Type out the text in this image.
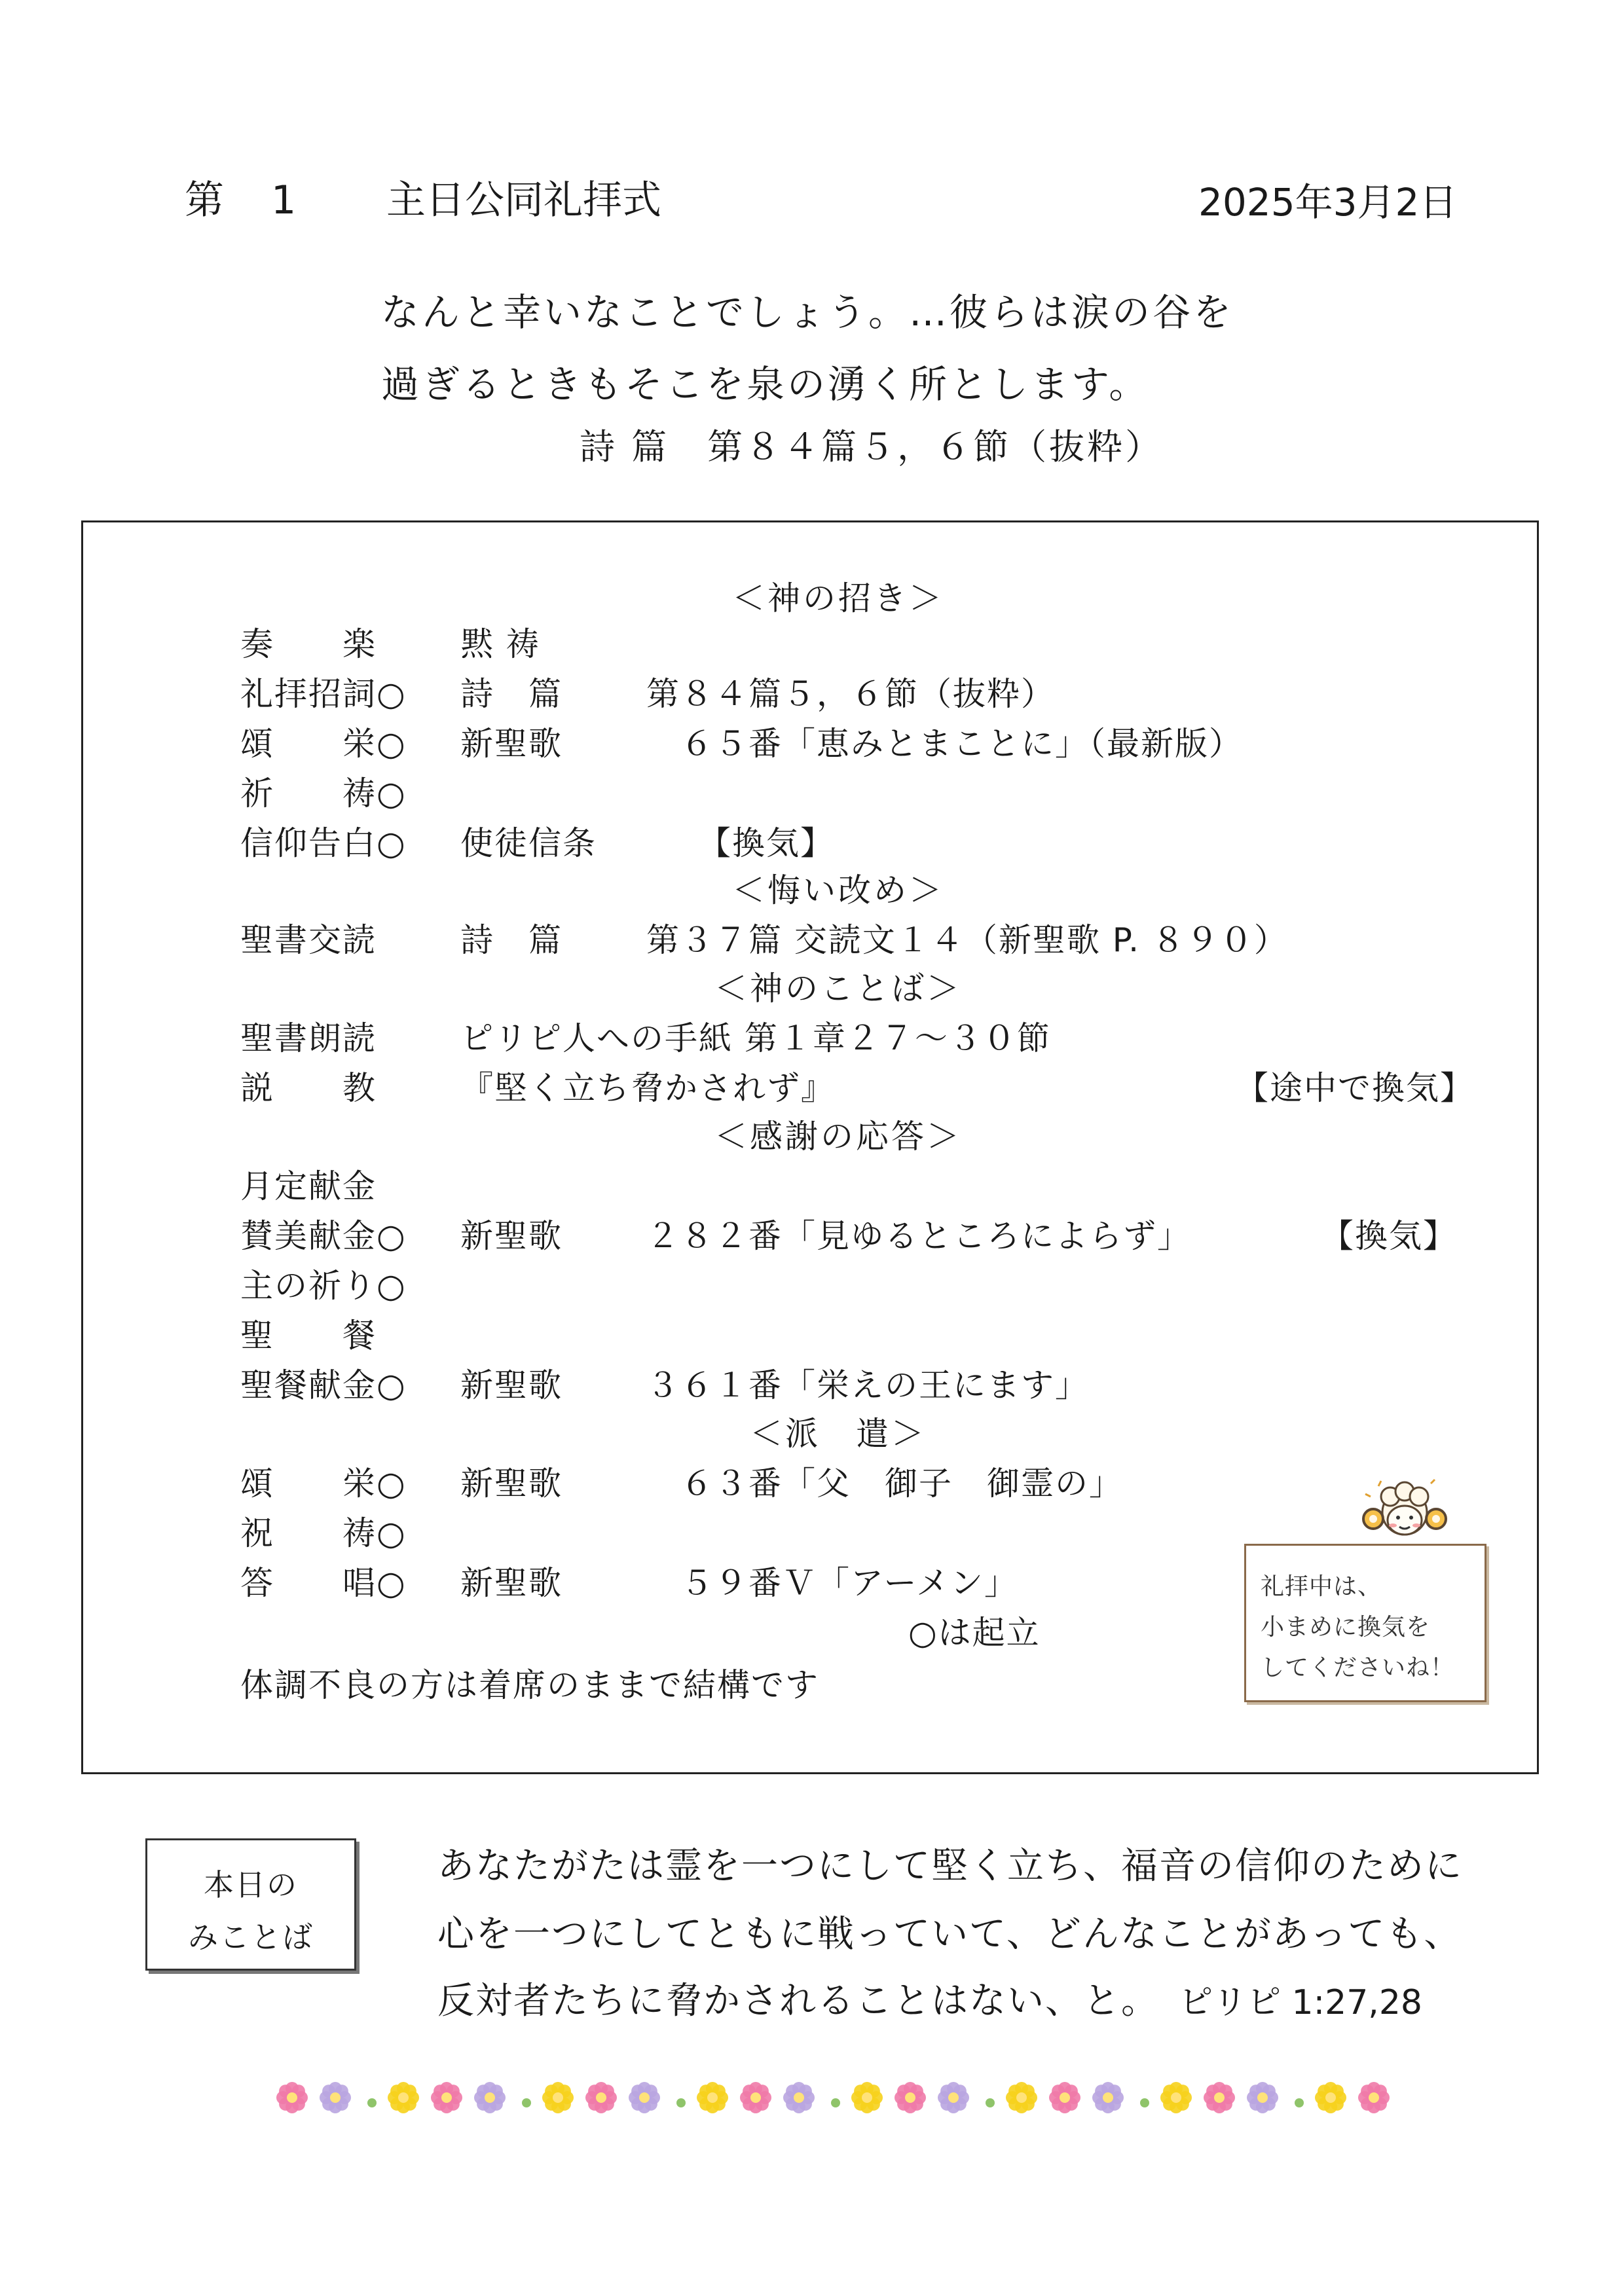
第　1 主日公同礼拝式	2025年3月2日
なんと幸いなことでしょう。…彼らは涙の谷を
過ぎるときもそこを泉の湧く所とします。
詩 篇　第８４篇５，６節（抜粋）
＜神の招き＞
奏　　楽	黙 祷
礼拝招詞○ 詩　篇	第８４篇５，６節（抜粋）
頌　　栄○ 新聖歌	　６５番「恵みとまことに」（最新版）
祈　　祷○
信仰告白○ 使徒信条 　　【換気】
＜悔い改め＞
聖書交読	詩　篇	第３７篇 交読文１４（新聖歌 P. ８９０）
＜神のことば＞
聖書朗読	ピリピ人への手紙 第１章２７～３０節
説　　教	『堅く立ち脅かされず』	【途中で換気】
＜感謝の応答＞
月定献金
賛美献金○ 新聖歌	２８２番「見ゆるところによらず」	【換気】
主の祈り○
聖　　餐
聖餐献金○ 新聖歌	３６１番「栄えの王にます」
＜派　遣＞
頌　　栄○ 新聖歌	　６３番「父　御子　御霊の」
祝　　祷○
答　　唱○ 新聖歌	　５９番Ｖ「アーメン」
○は起立
体調不良の方は着席のままで結構です
礼拝中は、
小まめに換気を
してくださいね！
本日の
みことば
あなたがたは霊を一つにして堅く立ち、福音の信仰のために
心を一つにしてともに戦っていて、どんなことがあっても、
反対者たちに脅かされることはない、と。 ピリピ 1:27,28
